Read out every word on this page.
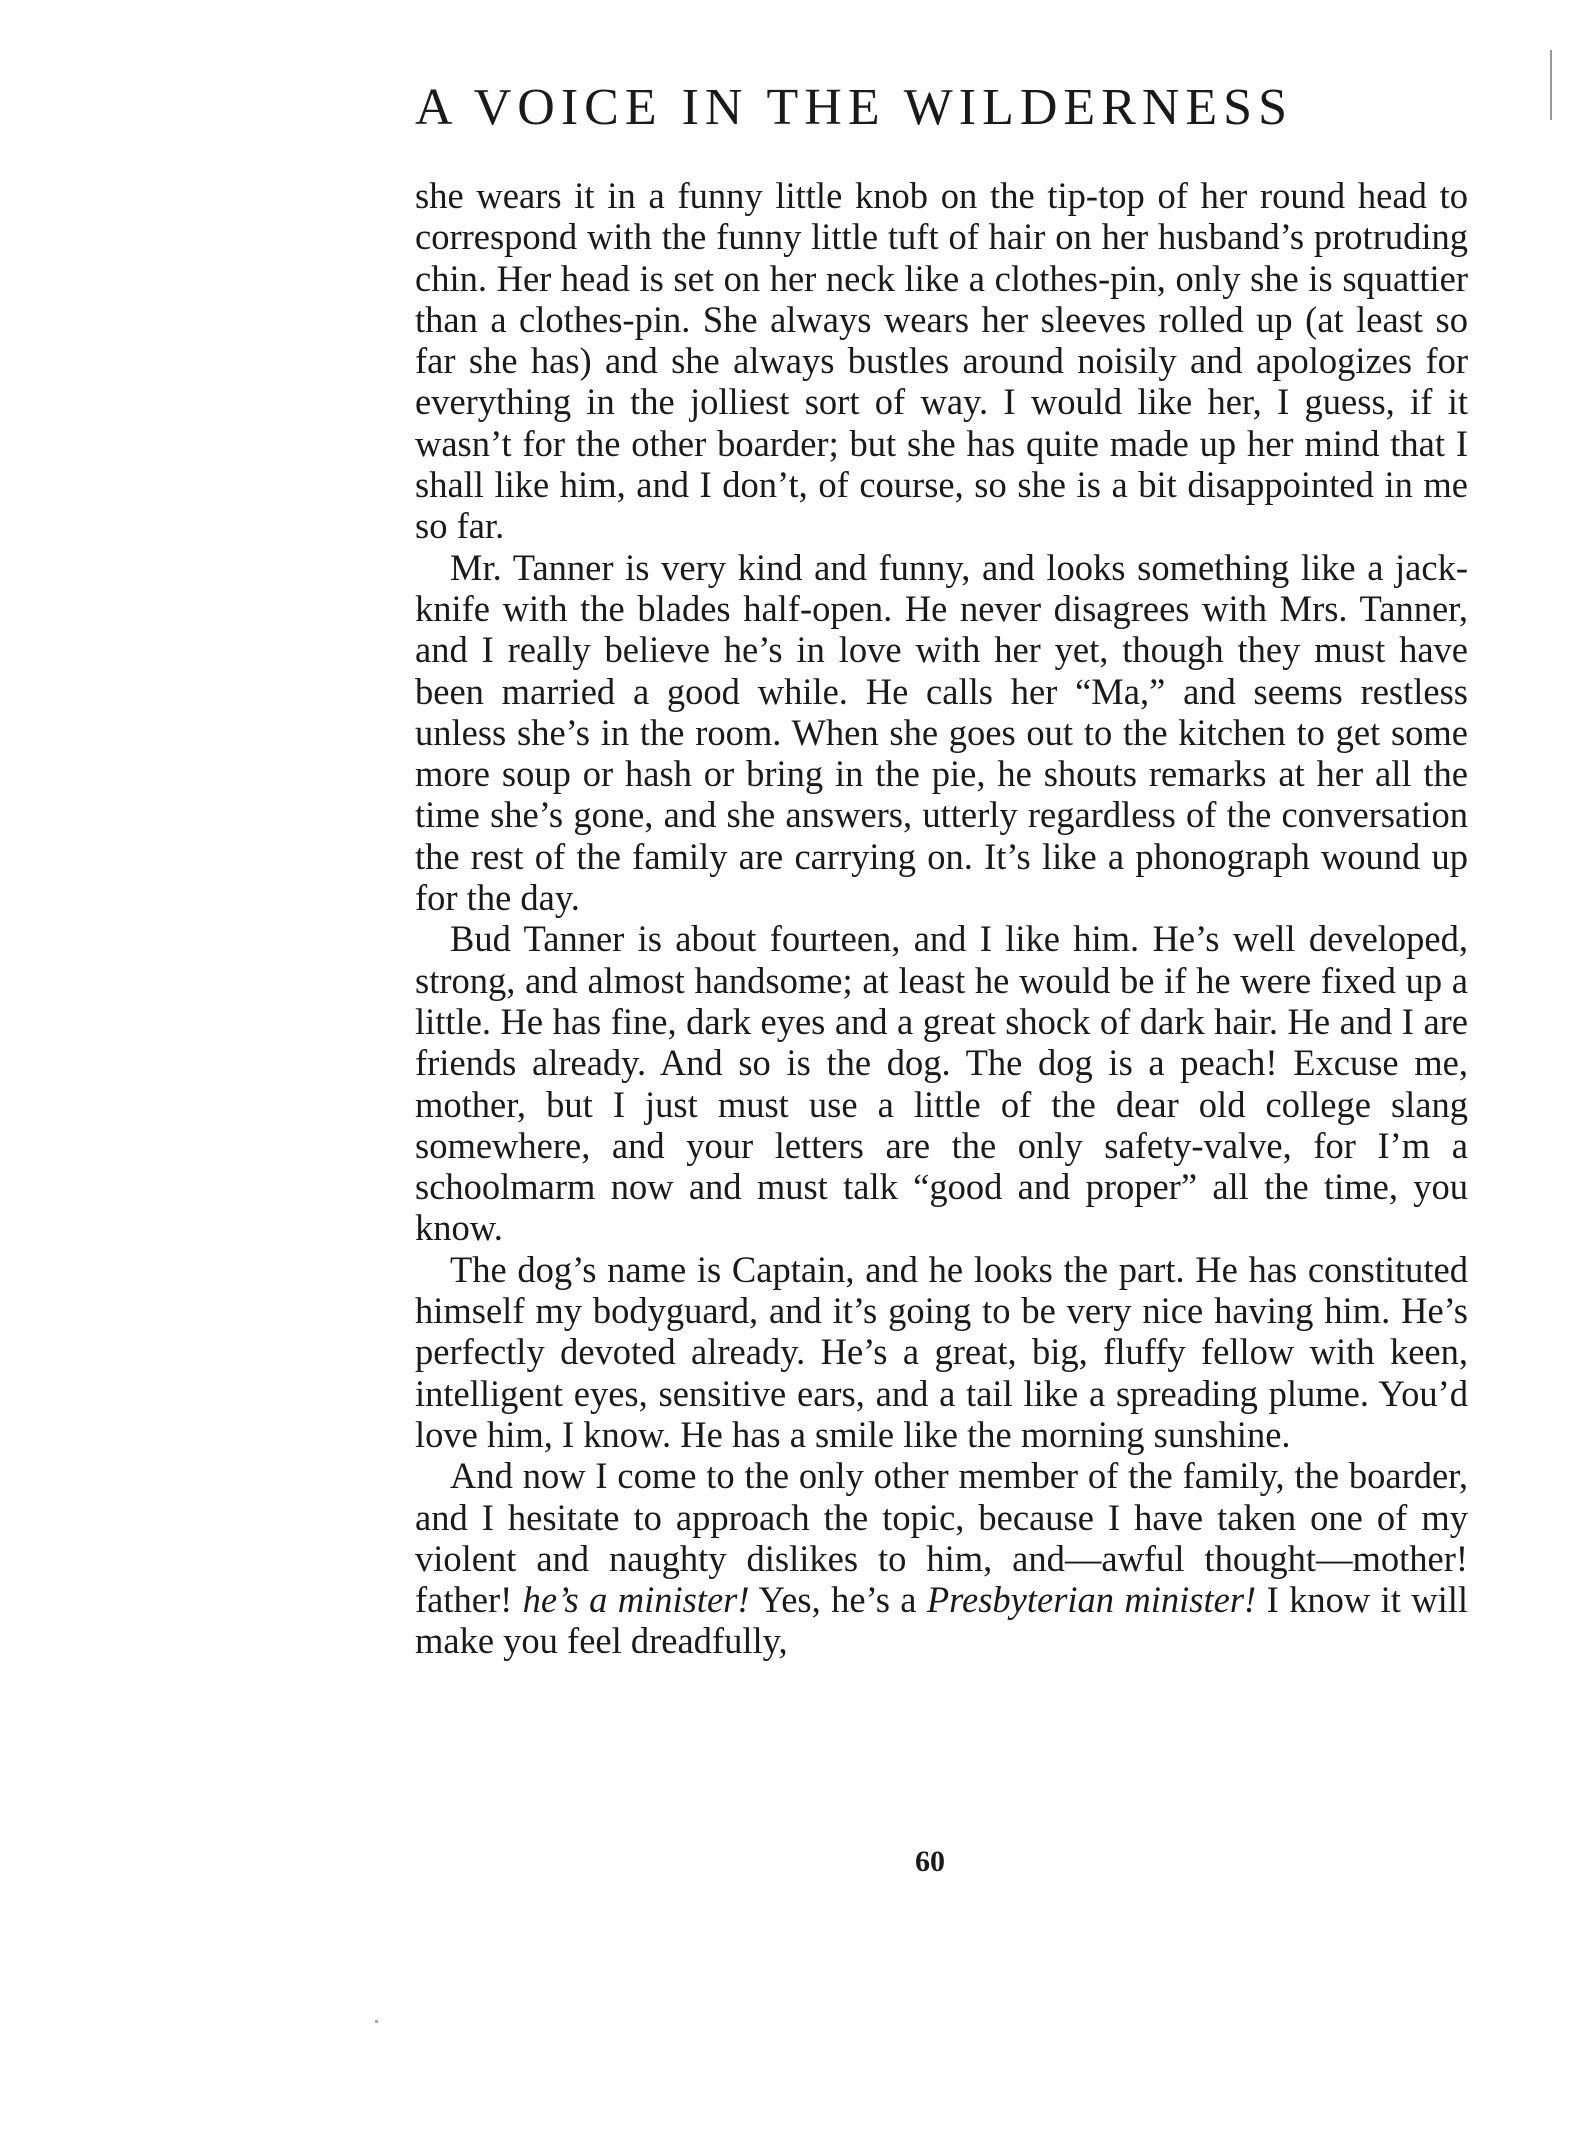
A VOICE IN THE WILDERNESS

she wears it in a funny little knob on the tip-top of her round head to correspond with the funny little tuft of hair on her husband’s protruding chin. Her head is set on her neck like a clothes-pin, only she is squattier than a clothes-pin. She always wears her sleeves rolled up (at least so far she has) and she always bustles around noisily and apologizes for everything in the jolliest sort of way. I would like her, I guess, if it wasn’t for the other boarder; but she has quite made up her mind that I shall like him, and I don’t, of course, so she is a bit disappointed in me so far.

Mr. Tanner is very kind and funny, and looks something like a jack-knife with the blades half-open. He never disagrees with Mrs. Tanner, and I really believe he’s in love with her yet, though they must have been married a good while. He calls her “Ma,” and seems restless unless she’s in the room. When she goes out to the kitchen to get some more soup or hash or bring in the pie, he shouts remarks at her all the time she’s gone, and she answers, utterly regardless of the conversation the rest of the family are carrying on. It’s like a phonograph wound up for the day.

Bud Tanner is about fourteen, and I like him. He’s well developed, strong, and almost handsome; at least he would be if he were fixed up a little. He has fine, dark eyes and a great shock of dark hair. He and I are friends already. And so is the dog. The dog is a peach! Excuse me, mother, but I just must use a little of the dear old college slang somewhere, and your letters are the only safety-valve, for I’m a schoolmarm now and must talk “good and proper” all the time, you know.

The dog’s name is Captain, and he looks the part. He has constituted himself my bodyguard, and it’s going to be very nice having him. He’s perfectly devoted already. He’s a great, big, fluffy fellow with keen, intelligent eyes, sensitive ears, and a tail like a spreading plume. You’d love him, I know. He has a smile like the morning sunshine.

And now I come to the only other member of the family, the boarder, and I hesitate to approach the topic, because I have taken one of my violent and naughty dislikes to him, and—awful thought—mother! father! he’s a minister! Yes, he’s a Presbyterian minister! I know it will make you feel dreadfully,

60
